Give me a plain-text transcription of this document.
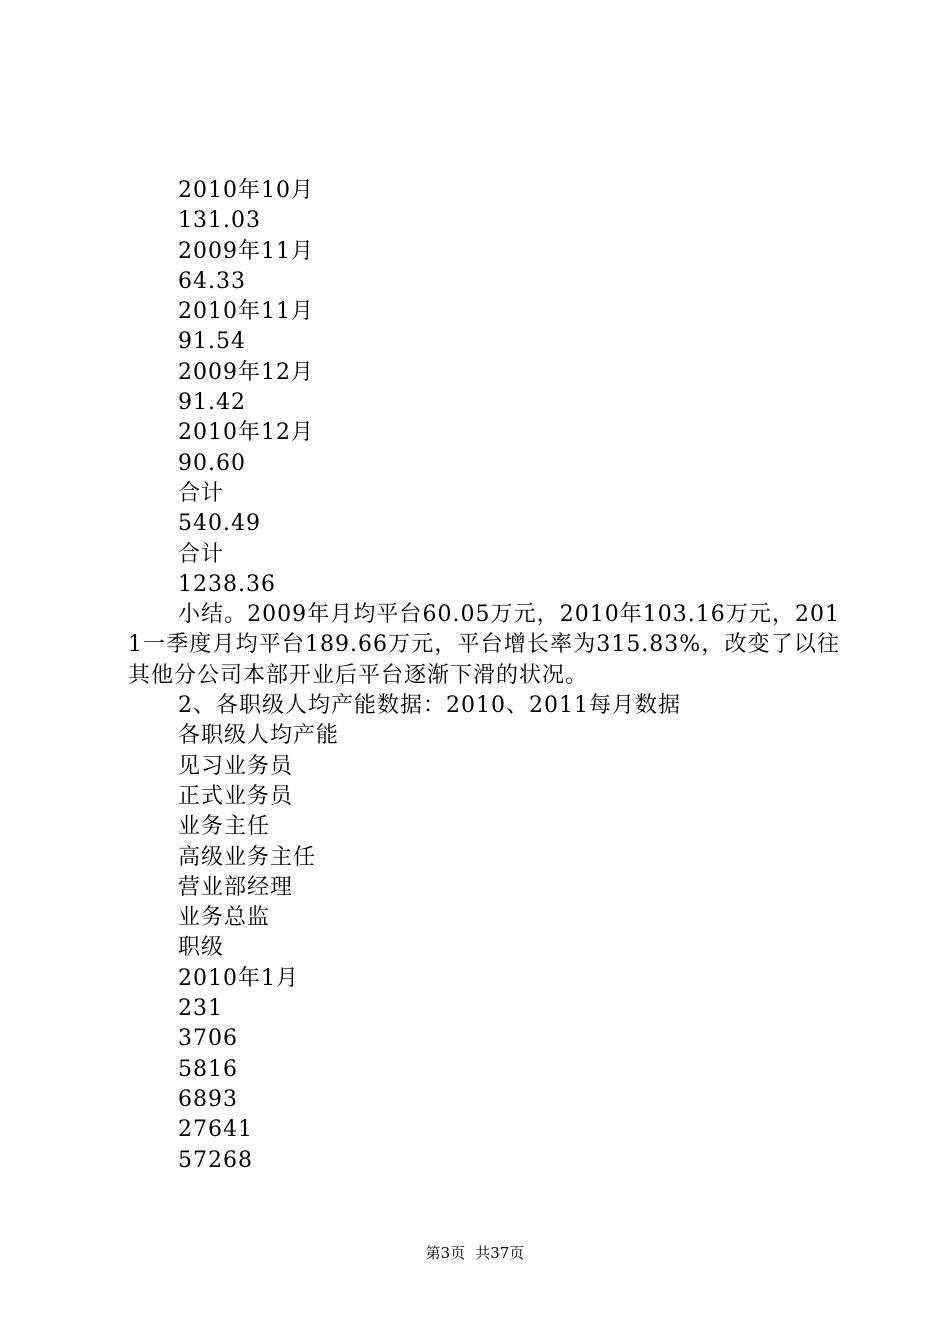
2010年10月

131.03

2009年11月

64.33

2010年11月

91.54

2009年12月

91.42

2010年12月

90.60

合计

540.49

合计

1238.36

小结。2009年月均平台60.05万元，2010年103.16万元，2011一季度月均平台189.66万元，平台增长率为315.83%，改变了以往其他分公司本部开业后平台逐渐下滑的状况。

2、各职级人均产能数据：2010、2011每月数据

各职级人均产能

见习业务员

正式业务员

业务主任

高级业务主任

营业部经理

业务总监

职级

2010年1月

231

3706

5816

6893

27641

57268

第3页 共37页
